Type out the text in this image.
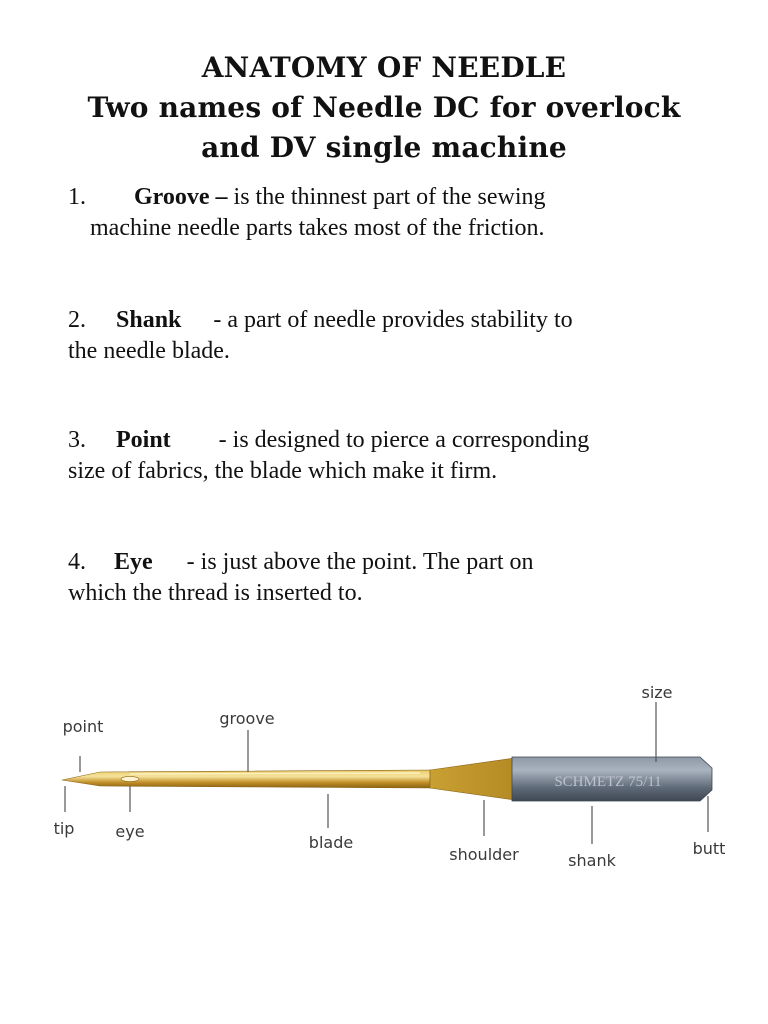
ANATOMY OF NEEDLE
Two names of Needle DC for overlock
and DV single machine
1. Groove – is the thinnest part of the sewing
machine needle parts takes most of the friction.
2. Shank - a part of needle provides stability to
the needle blade.
3. Point - is designed to pierce a corresponding
size of fabrics, the blade which make it firm.
4. Eye - is just above the point. The part on
which the thread is inserted to.
SCHMETZ 75/11
point	groove
size
tip	eye
blade
shoulder	shank
butt
